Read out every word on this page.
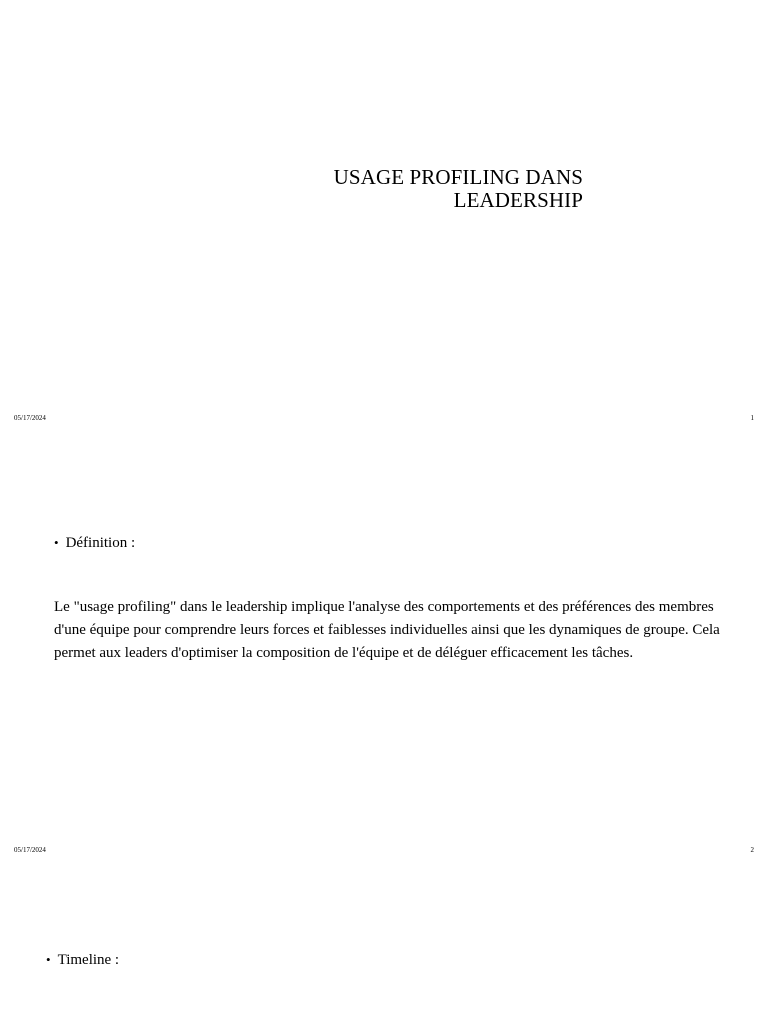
USAGE PROFILING DANS LEADERSHIP
05/17/2024	1
• Définition :

Le "usage profiling" dans le leadership implique l'analyse des comportements et des préférences des membres d'une équipe pour comprendre leurs forces et faiblesses individuelles ainsi que les dynamiques de groupe. Cela permet aux leaders d'optimiser la composition de l'équipe et de déléguer efficacement les tâches.

05/17/2024	2
• Timeline :
